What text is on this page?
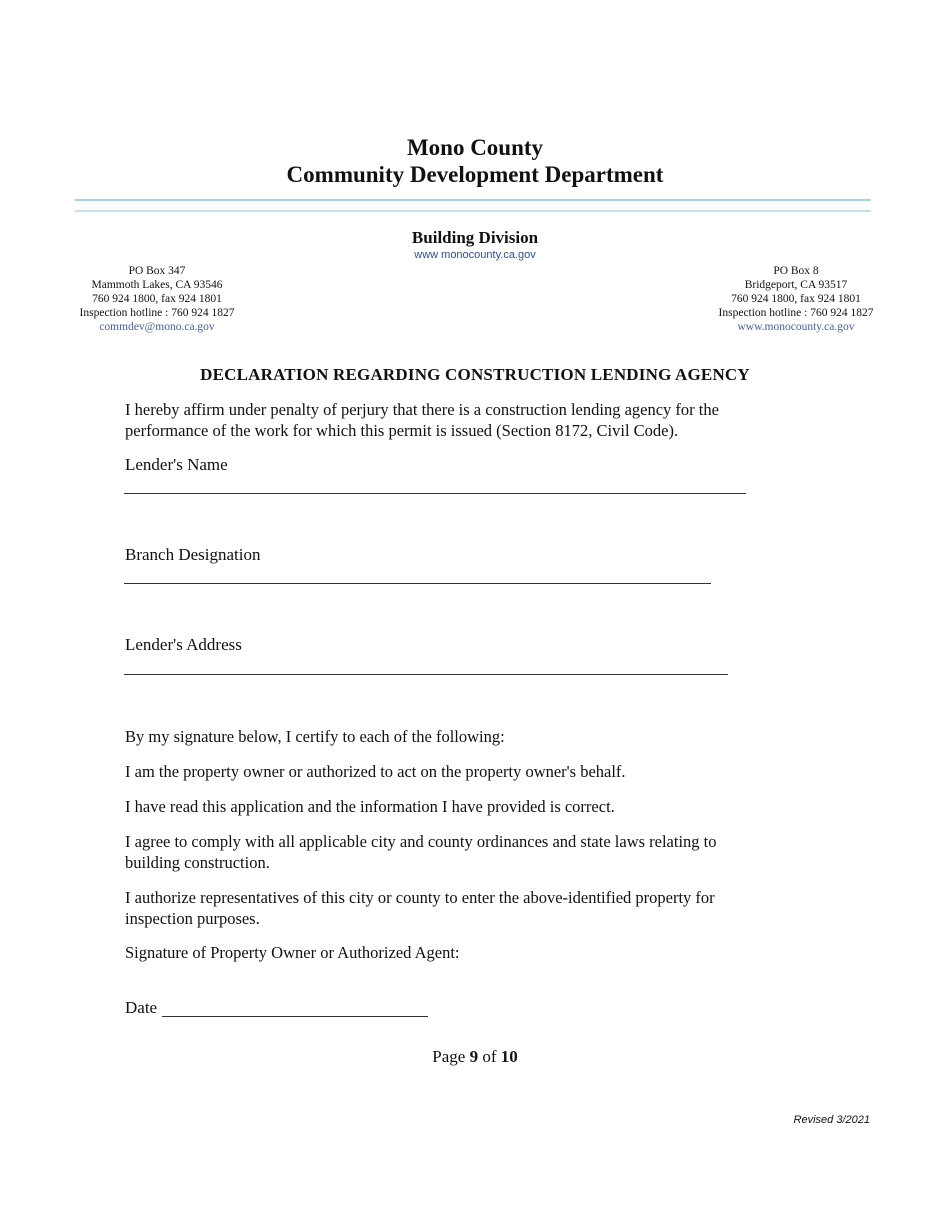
Mono County
Community Development Department
Building Division
www monocounty.ca.gov
PO Box 347
Mammoth Lakes, CA 93546
760 924 1800, fax 924 1801
Inspection hotline : 760 924 1827
commdev@mono.ca.gov
PO Box 8
Bridgeport, CA 93517
760 924 1800, fax 924 1801
Inspection hotline : 760 924 1827
www.monocounty.ca.gov
DECLARATION REGARDING CONSTRUCTION LENDING AGENCY
I hereby affirm under penalty of perjury that there is a construction lending agency for the performance of the work for which this permit is issued (Section 8172, Civil Code).
Lender's Name
Branch Designation
Lender's Address
By my signature below, I certify to each of the following:
I am the property owner or authorized to act on the property owner's behalf.
I have read this application and the information I have provided is correct.
I agree to comply with all applicable city and county ordinances and state laws relating to building construction.
I authorize representatives of this city or county to enter the above-identified property for inspection purposes.
Signature of Property Owner or Authorized Agent:
Date
Page 9 of 10
Revised 3/2021
